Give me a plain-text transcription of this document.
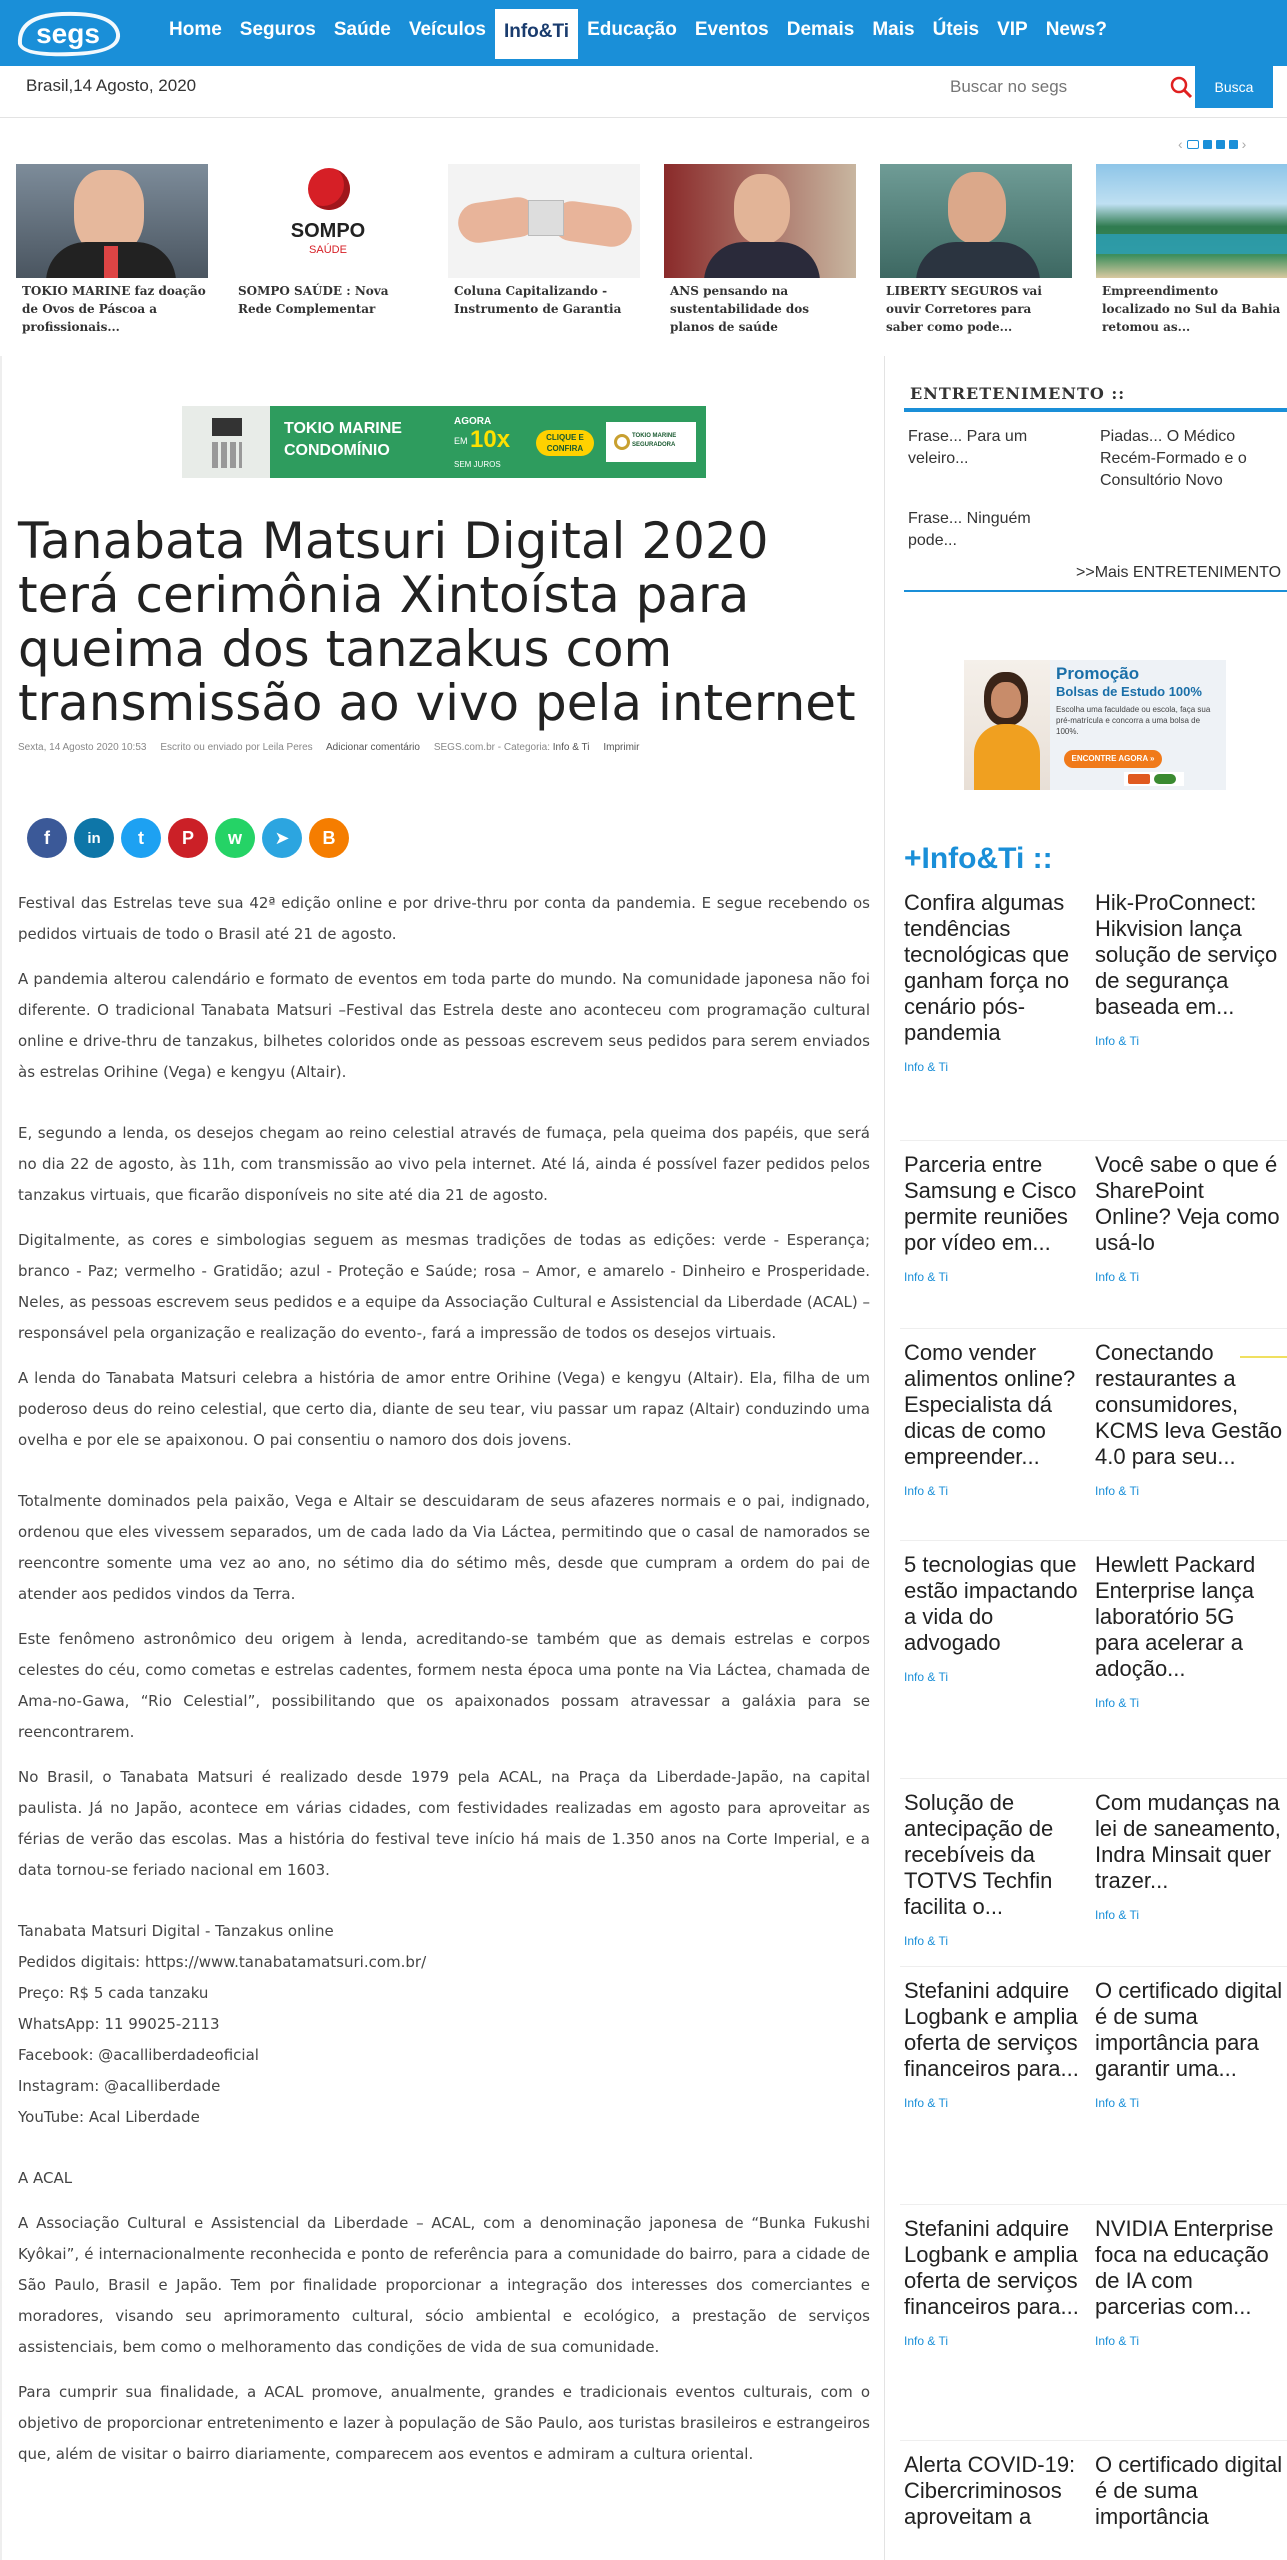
segs	Home Seguros Saúde Veículos Info&Ti Educação Eventos Demais Mais Úteis VIP News?
Brasil,14 Agosto, 2020
Buscar no segs	Busca
‹	›
TOKIO MARINE faz doação de Ovos de Páscoa a profissionais...
SOMPO
SAÚDE
SOMPO SAÚDE : Nova Rede Complementar
Coluna Capitalizando - Instrumento de Garantia
ANS pensando na sustentabilidade dos planos de saúde
LIBERTY SEGUROS vai ouvir Corretores para saber como pode...
Empreendimento localizado no Sul da Bahia retomou as...
TOKIO MARINE
CONDOMÍNIO
AGORA
EM 10x
SEM JUROS
CLIQUE E CONFIRA
TOKIO MARINE SEGURADORA
Tanabata Matsuri Digital 2020 terá cerimônia Xintoísta para queima dos tanzakus com transmissão ao vivo pela internet
Sexta, 14 Agosto 2020 10:53 Escrito ou enviado por Leila Peres Adicionar comentário SEGS.com.br - Categoria: Info & Ti Imprimir
f	in	t	P	w	➤	B

Festival das Estrelas teve sua 42ª edição online e por drive-thru por conta da pandemia. E segue recebendo os pedidos virtuais de todo o Brasil até 21 de agosto.

A pandemia alterou calendário e formato de eventos em toda parte do mundo. Na comunidade japonesa não foi diferente. O tradicional Tanabata Matsuri –Festival das Estrela deste ano aconteceu com programação cultural online e drive-thru de tanzakus, bilhetes coloridos onde as pessoas escrevem seus pedidos para serem enviados às estrelas Orihine (Vega) e kengyu (Altair).

E, segundo a lenda, os desejos chegam ao reino celestial através de fumaça, pela queima dos papéis, que será no dia 22 de agosto, às 11h, com transmissão ao vivo pela internet. Até lá, ainda é possível fazer pedidos pelos tanzakus virtuais, que ficarão disponíveis no site até dia 21 de agosto.

Digitalmente, as cores e simbologias seguem as mesmas tradições de todas as edições: verde - Esperança; branco - Paz; vermelho - Gratidão; azul - Proteção e Saúde; rosa – Amor, e amarelo - Dinheiro e Prosperidade. Neles, as pessoas escrevem seus pedidos e a equipe da Associação Cultural e Assistencial da Liberdade (ACAL) –responsável pela organização e realização do evento-, fará a impressão de todos os desejos virtuais.

A lenda do Tanabata Matsuri celebra a história de amor entre Orihine (Vega) e kengyu (Altair). Ela, filha de um poderoso deus do reino celestial, que certo dia, diante de seu tear, viu passar um rapaz (Altair) conduzindo uma ovelha e por ele se apaixonou. O pai consentiu o namoro dos dois jovens.

Totalmente dominados pela paixão, Vega e Altair se descuidaram de seus afazeres normais e o pai, indignado, ordenou que eles vivessem separados, um de cada lado da Via Láctea, permitindo que o casal de namorados se reencontre somente uma vez ao ano, no sétimo dia do sétimo mês, desde que cumpram a ordem do pai de atender aos pedidos vindos da Terra.

Este fenômeno astronômico deu origem à lenda, acreditando-se também que as demais estrelas e corpos celestes do céu, como cometas e estrelas cadentes, formem nesta época uma ponte na Via Láctea, chamada de Ama-no-Gawa, “Rio Celestial”, possibilitando que os apaixonados possam atravessar a galáxia para se reencontrarem.

No Brasil, o Tanabata Matsuri é realizado desde 1979 pela ACAL, na Praça da Liberdade-Japão, na capital paulista. Já no Japão, acontece em várias cidades, com festividades realizadas em agosto para aproveitar as férias de verão das escolas. Mas a história do festival teve início há mais de 1.350 anos na Corte Imperial, e a data tornou-se feriado nacional em 1603.

Tanabata Matsuri Digital - Tanzakus online
Pedidos digitais: https://www.tanabatamatsuri.com.br/
Preço: R$ 5 cada tanzaku
WhatsApp: 11 99025-2113
Facebook: @acalliberdadeoficial
Instagram: @acalliberdade
YouTube: Acal Liberdade

A ACAL

A Associação Cultural e Assistencial da Liberdade – ACAL, com a denominação japonesa de “Bunka Fukushi Kyôkai”, é internacionalmente reconhecida e ponto de referência para a comunidade do bairro, para a cidade de São Paulo, Brasil e Japão. Tem por finalidade proporcionar a integração dos interesses dos comerciantes e moradores, visando seu aprimoramento cultural, sócio ambiental e ecológico, a prestação de serviços assistenciais, bem como o melhoramento das condições de vida de sua comunidade.

Para cumprir sua finalidade, a ACAL promove, anualmente, grandes e tradicionais eventos culturais, com o objetivo de proporcionar entretenimento e lazer à população de São Paulo, aos turistas brasileiros e estrangeiros que, além de visitar o bairro diariamente, comparecem aos eventos e admiram a cultura oriental.

ENTRETENIMENTO ::
Frase... Para um veleiro...
Piadas... O Médico Recém-Formado e o Consultório Novo
Frase... Ninguém pode...
>>Mais ENTRETENIMENTO
Promoção
Bolsas de Estudo 100%
Escolha uma faculdade ou escola, faça sua pré-matrícula e concorra a uma bolsa de 100%.
ENCONTRE AGORA »
+Info&Ti ::
Confira algumas tendências tecnológicas que ganham força no cenário pós-pandemia
Info & Ti
Hik-ProConnect: Hikvision lança solução de serviço de segurança baseada em...
Info & Ti
Parceria entre Samsung e Cisco permite reuniões por vídeo em...
Info & Ti
Você sabe o que é SharePoint Online? Veja como usá-lo
Info & Ti
Como vender alimentos online? Especialista dá dicas de como empreender...
Info & Ti
Conectando restaurantes a consumidores, KCMS leva Gestão 4.0 para seu...
Info & Ti
5 tecnologias que estão impactando a vida do advogado
Info & Ti
Hewlett Packard Enterprise lança laboratório 5G para acelerar a adoção...
Info & Ti
Solução de antecipação de recebíveis da TOTVS Techfin facilita o...
Info & Ti
Com mudanças na lei de saneamento, Indra Minsait quer trazer...
Info & Ti
Stefanini adquire Logbank e amplia oferta de serviços financeiros para...
Info & Ti
O certificado digital é de suma importância para garantir uma...
Info & Ti
Stefanini adquire Logbank e amplia oferta de serviços financeiros para...
Info & Ti
NVIDIA Enterprise foca na educação de IA com parcerias com...
Info & Ti
Alerta COVID-19: Cibercriminosos aproveitam a
O certificado digital é de suma importância
